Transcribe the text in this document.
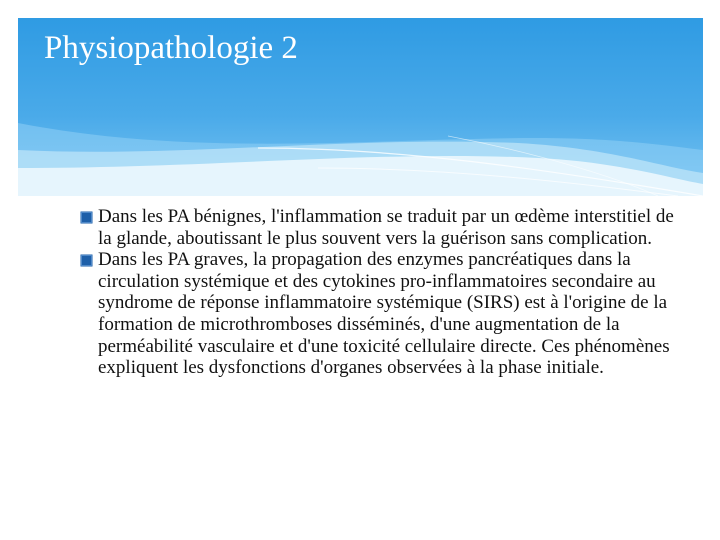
Physiopathologie 2

Dans les PA bénignes, l'inflammation se traduit par un œdème interstitiel de la glande, aboutissant le plus souvent vers la guérison sans complication.

Dans les PA graves, la propagation des enzymes pancréatiques dans la circulation systémique et des cytokines pro-inflammatoires secondaire au syndrome de réponse inflammatoire systémique (SIRS) est à l'origine de la formation de microthromboses disséminés, d'une augmentation de la perméabilité vasculaire et d'une toxicité cellulaire directe. Ces phénomènes expliquent les dysfonctions d'organes observées à la phase initiale.
